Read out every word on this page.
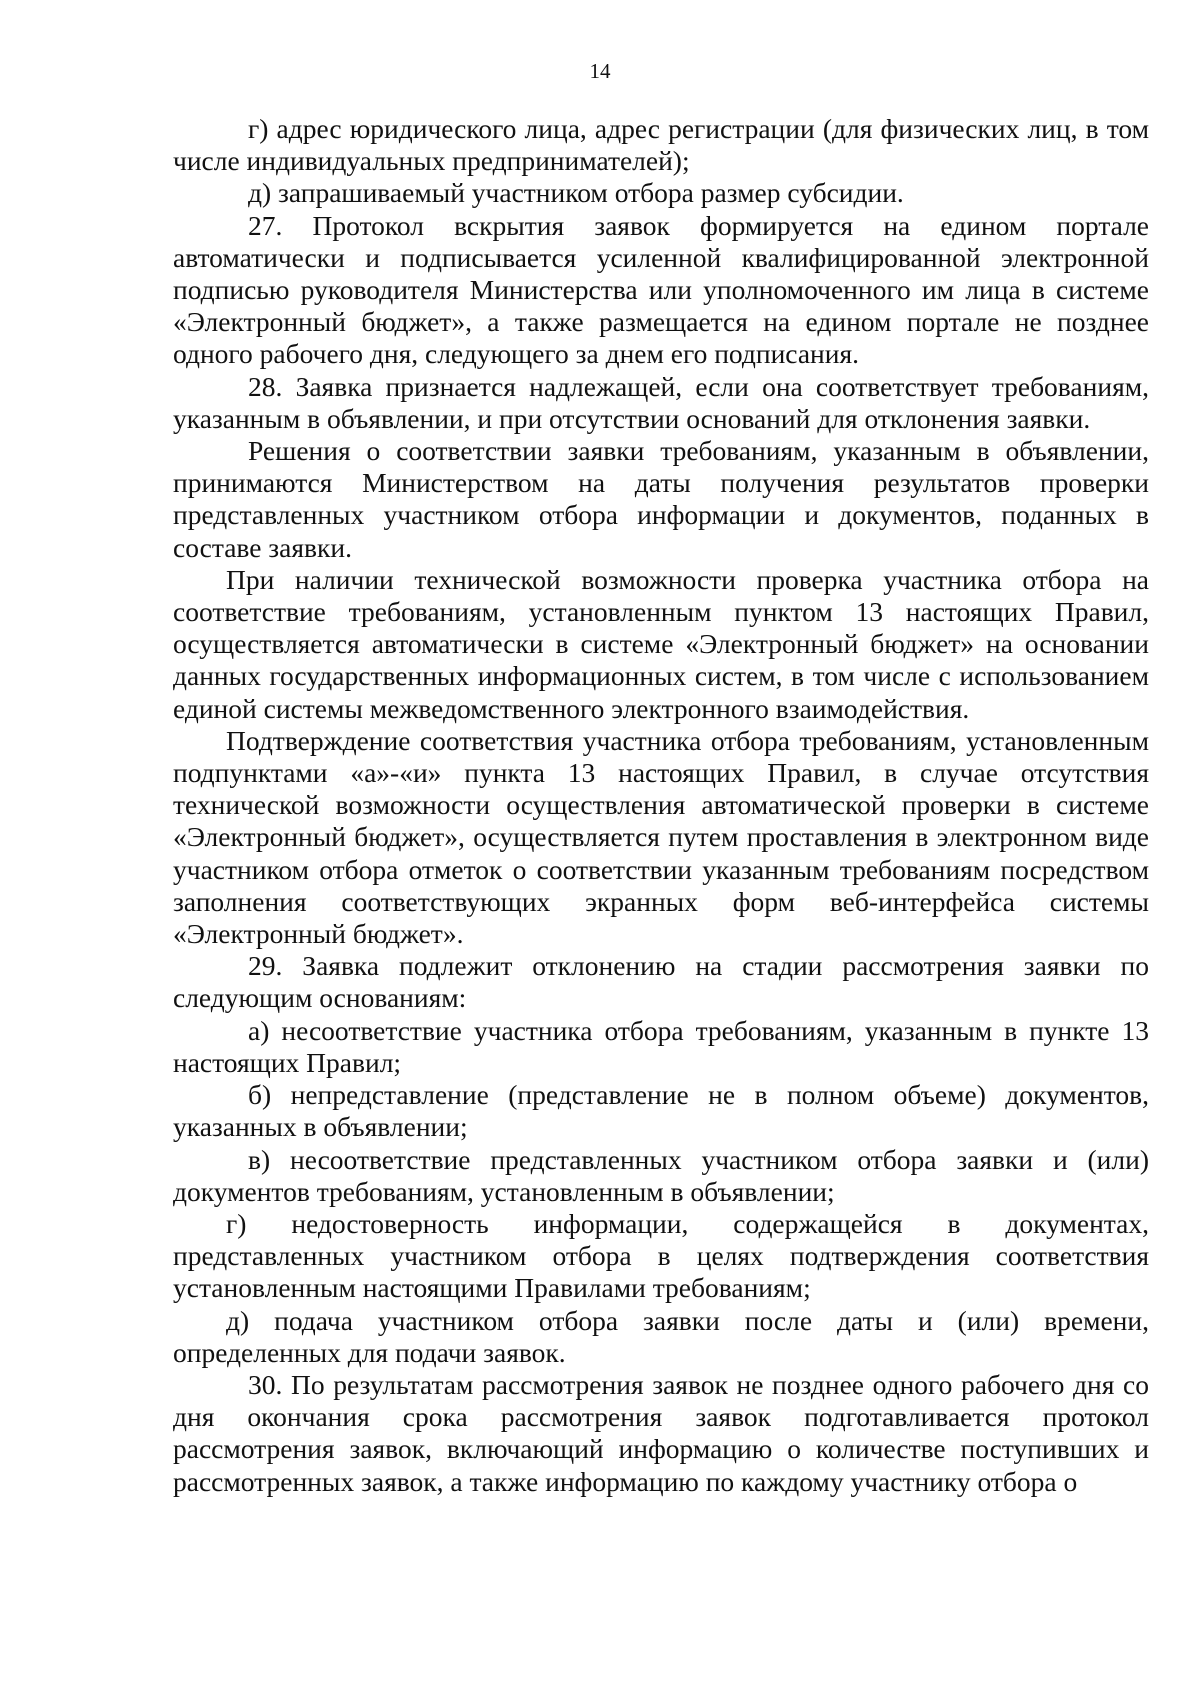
14

г) адрес юридического лица, адрес регистрации (для физических лиц, в том числе индивидуальных предпринимателей);

д) запрашиваемый участником отбора размер субсидии.

27. Протокол вскрытия заявок формируется на едином портале автоматически и подписывается усиленной квалифицированной электронной подписью руководителя Министерства или уполномоченного им лица в системе «Электронный бюджет», а также размещается на едином портале не позднее одного рабочего дня, следующего за днем его подписания.

28. Заявка признается надлежащей, если она соответствует требованиям, указанным в объявлении, и при отсутствии оснований для отклонения заявки.

Решения о соответствии заявки требованиям, указанным в объявлении, принимаются Министерством на даты получения результатов проверки представленных участником отбора информации и документов, поданных в составе заявки.

При наличии технической возможности проверка участника отбора на соответствие требованиям, установленным пунктом 13 настоящих Правил, осуществляется автоматически в системе «Электронный бюджет» на основании данных государственных информационных систем, в том числе с использованием единой системы межведомственного электронного взаимодействия.

Подтверждение соответствия участника отбора требованиям, установленным подпунктами «а»-«и» пункта 13 настоящих Правил, в случае отсутствия технической возможности осуществления автоматической проверки в системе «Электронный бюджет», осуществляется путем проставления в электронном виде участником отбора отметок о соответствии указанным требованиям посредством заполнения соответствующих экранных форм веб-интерфейса системы «Электронный бюджет».

29. Заявка подлежит отклонению на стадии рассмотрения заявки по следующим основаниям:

а) несоответствие участника отбора требованиям, указанным в пункте 13 настоящих Правил;

б) непредставление (представление не в полном объеме) документов, указанных в объявлении;

в) несоответствие представленных участником отбора заявки и (или) документов требованиям, установленным в объявлении;

г) недостоверность информации, содержащейся в документах, представленных участником отбора в целях подтверждения соответствия установленным настоящими Правилами требованиям;

д) подача участником отбора заявки после даты и (или) времени, определенных для подачи заявок.

30. По результатам рассмотрения заявок не позднее одного рабочего дня со дня окончания срока рассмотрения заявок подготавливается протокол рассмотрения заявок, включающий информацию о количестве поступивших и рассмотренных заявок, а также информацию по каждому участнику отбора о
